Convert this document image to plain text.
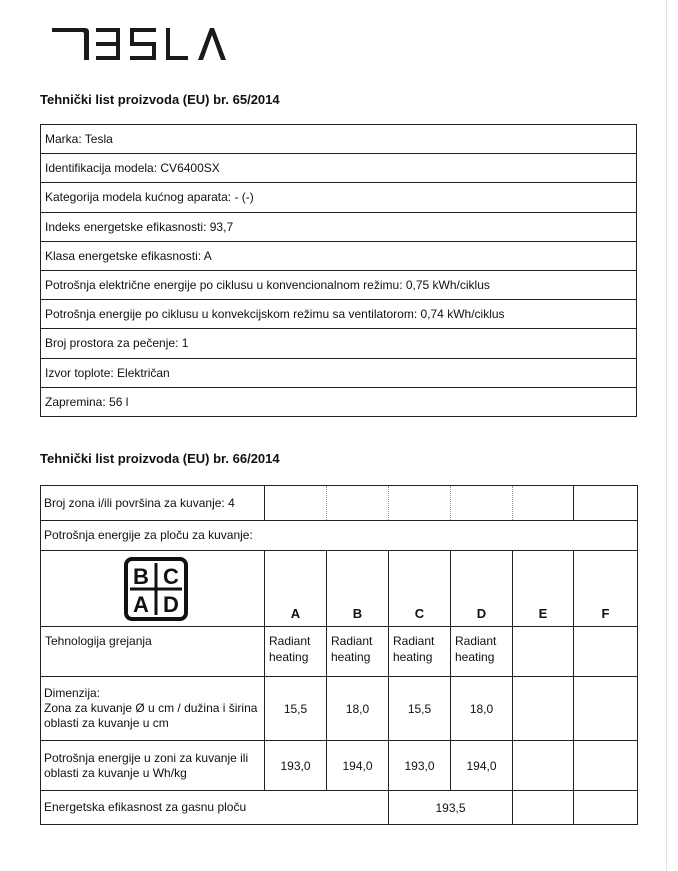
Tehnički list proizvoda (EU) br. 65/2014
Marka: Tesla
Identifikacija modela: CV6400SX
Kategorija modela kućnog aparata: - (-)
Indeks energetske efikasnosti: 93,7
Klasa energetske efikasnosti: A
Potrošnja električne energije po ciklusu u konvencionalnom režimu: 0,75 kWh/ciklus
Potrošnja energije po ciklusu u konvekcijskom režimu sa ventilatorom: 0,74 kWh/ciklus
Broj prostora za pečenje: 1
Izvor toplote: Električan
Zapremina: 56 l
Tehnički list proizvoda (EU) br. 66/2014
Broj zona i/ili površina za kuvanje: 4						
Potrošnja energije za ploču za kuvanje:						

B C
A D	A	B	C	D	E	F
Tehnologija grejanja	Radiant heating	Radiant heating	Radiant heating	Radiant heating		

Dimenzija:
Zona za kuvanje Ø u cm / dužina i širina oblasti za kuvanje u cm	15,5	18,0	15,5	18,0		
Potrošnja energije u zoni za kuvanje ili oblasti za kuvanje u Wh/kg	193,0	194,0	193,0	194,0		
Energetska efikasnost za gasnu ploču			193,5			
